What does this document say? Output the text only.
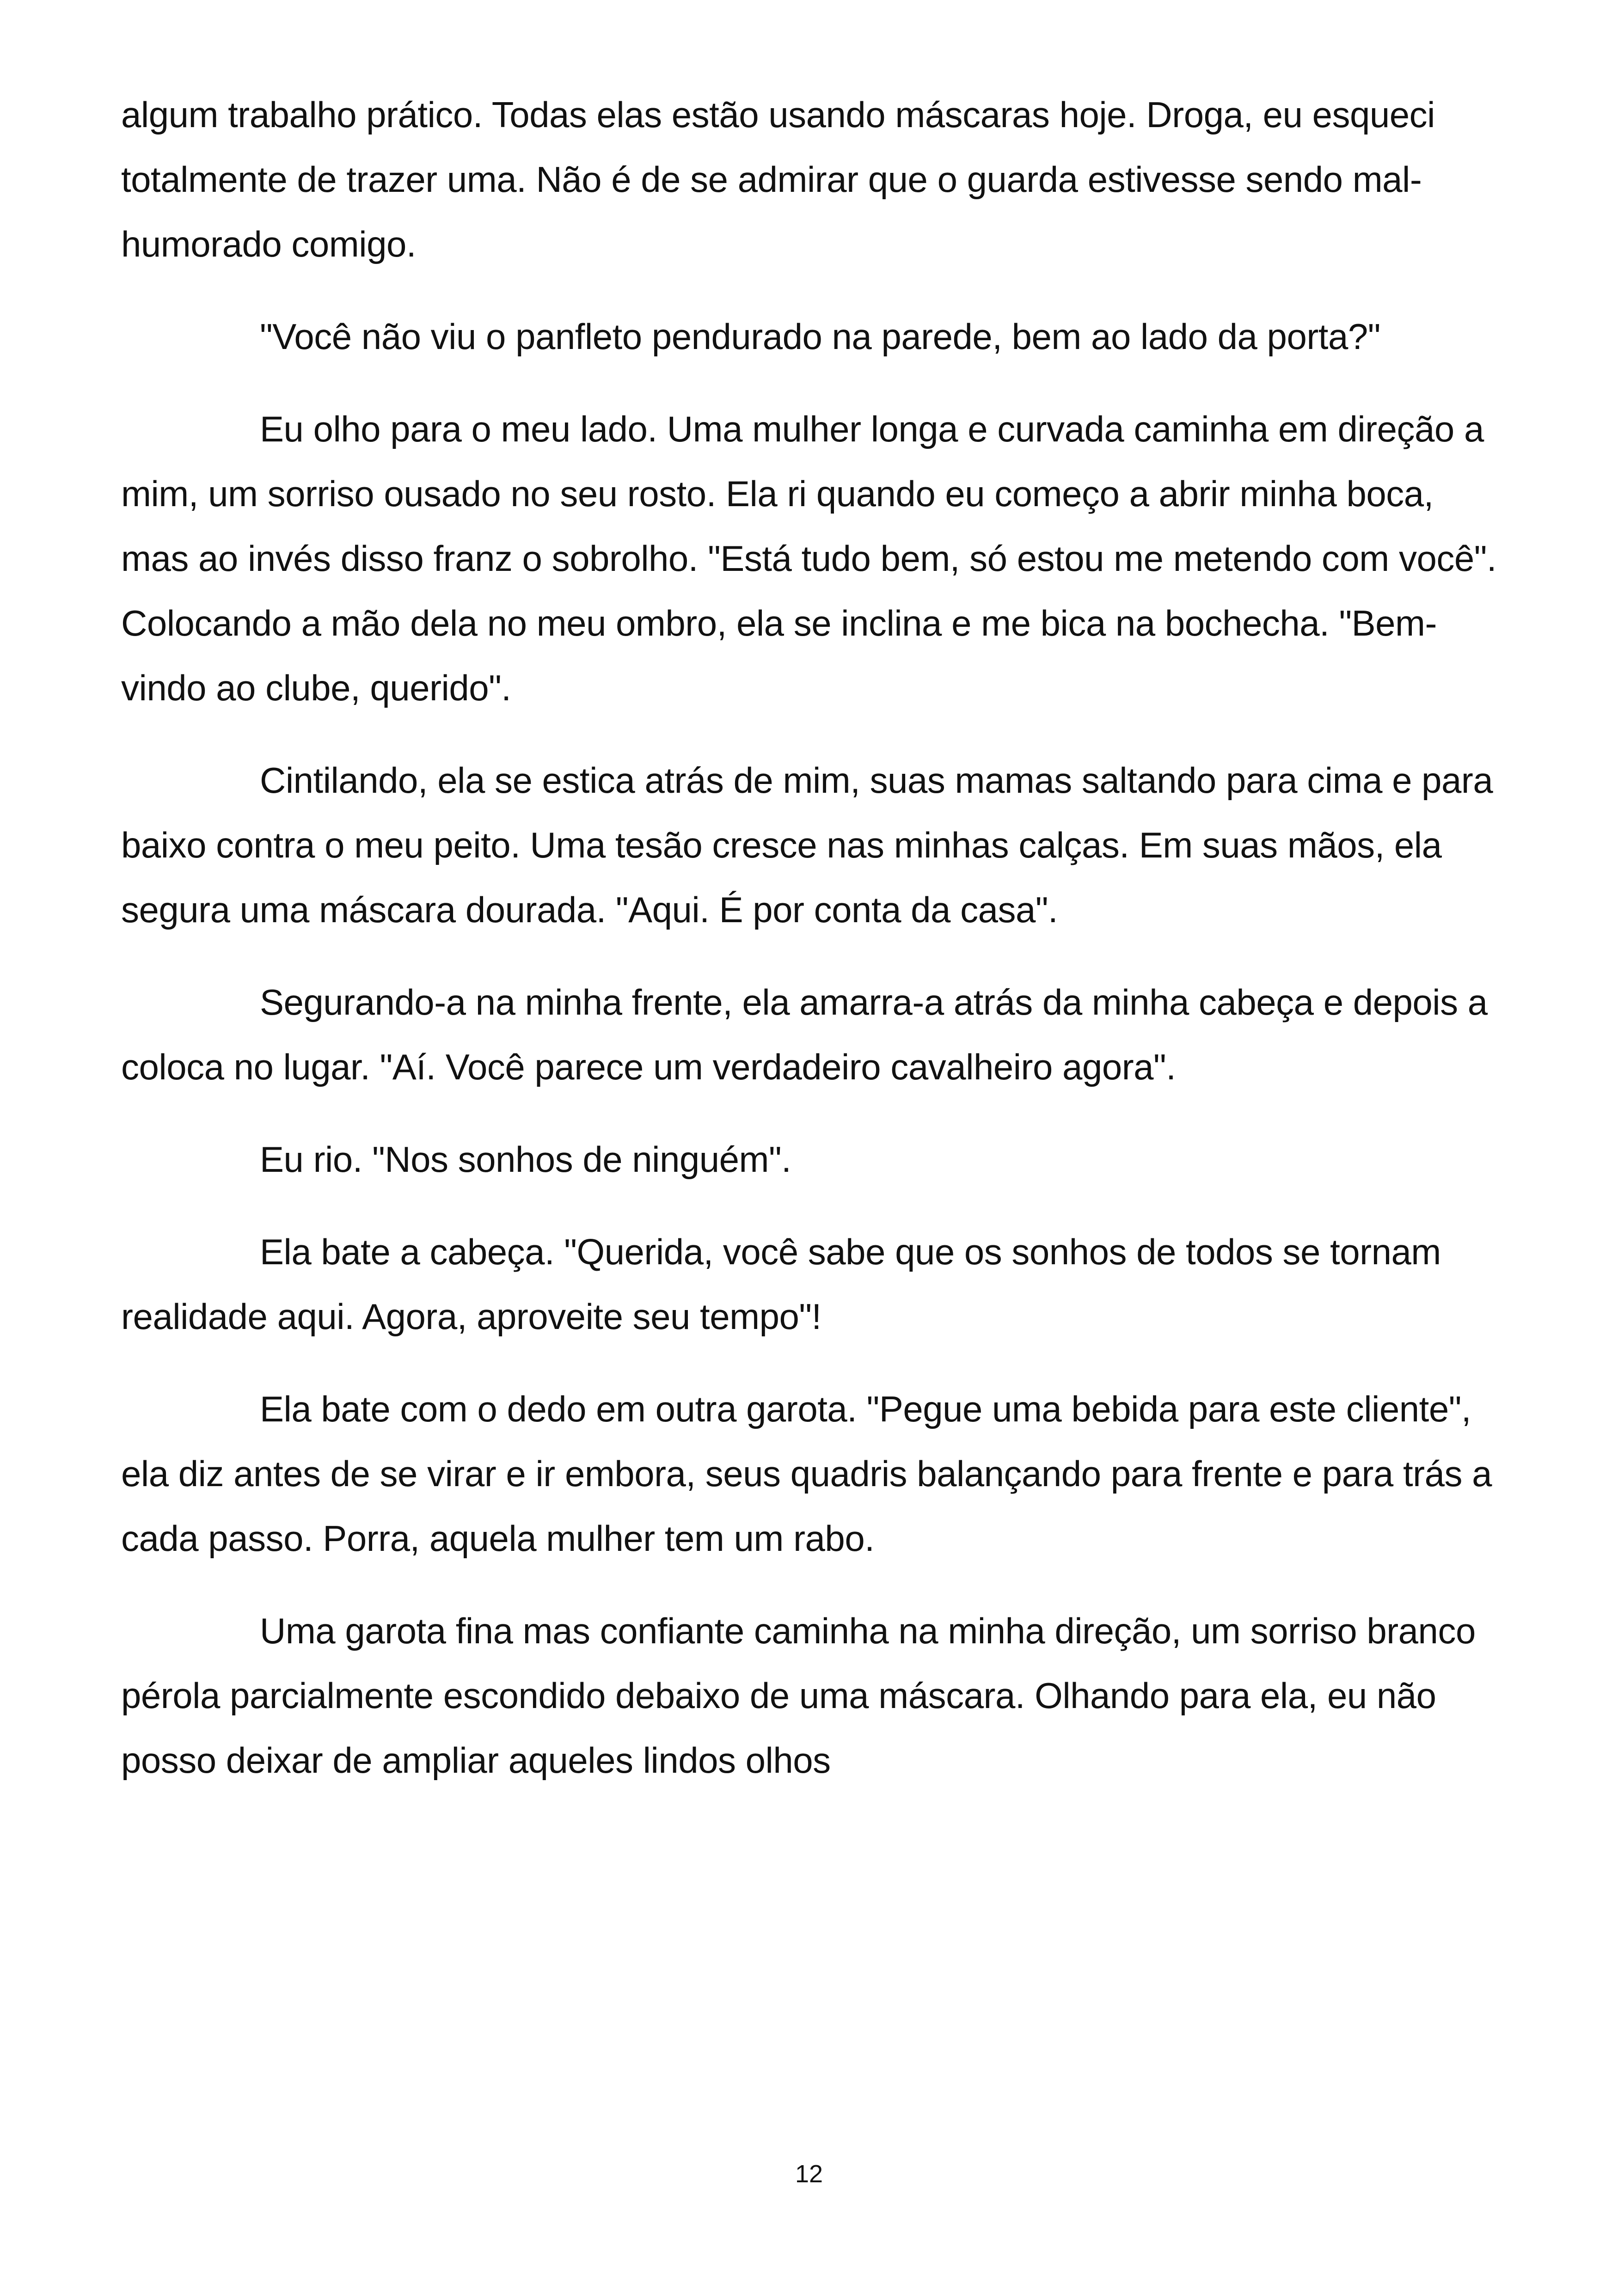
algum trabalho prático. Todas elas estão usando máscaras hoje. Droga, eu esqueci totalmente de trazer uma. Não é de se admirar que o guarda estivesse sendo mal-humorado comigo.

"Você não viu o panfleto pendurado na parede, bem ao lado da porta?"

Eu olho para o meu lado. Uma mulher longa e curvada caminha em direção a mim, um sorriso ousado no seu rosto. Ela ri quando eu começo a abrir minha boca, mas ao invés disso franz o sobrolho. "Está tudo bem, só estou me metendo com você". Colocando a mão dela no meu ombro, ela se inclina e me bica na bochecha. "Bem-vindo ao clube, querido".

Cintilando, ela se estica atrás de mim, suas mamas saltando para cima e para baixo contra o meu peito. Uma tesão cresce nas minhas calças. Em suas mãos, ela segura uma máscara dourada. "Aqui. É por conta da casa".

Segurando-a na minha frente, ela amarra-a atrás da minha cabeça e depois a coloca no lugar. "Aí. Você parece um verdadeiro cavalheiro agora".

Eu rio. "Nos sonhos de ninguém".

Ela bate a cabeça. "Querida, você sabe que os sonhos de todos se tornam realidade aqui. Agora, aproveite seu tempo"!

Ela bate com o dedo em outra garota. "Pegue uma bebida para este cliente", ela diz antes de se virar e ir embora, seus quadris balançando para frente e para trás a cada passo. Porra, aquela mulher tem um rabo.

Uma garota fina mas confiante caminha na minha direção, um sorriso branco pérola parcialmente escondido debaixo de uma máscara. Olhando para ela, eu não posso deixar de ampliar aqueles lindos olhos

12
